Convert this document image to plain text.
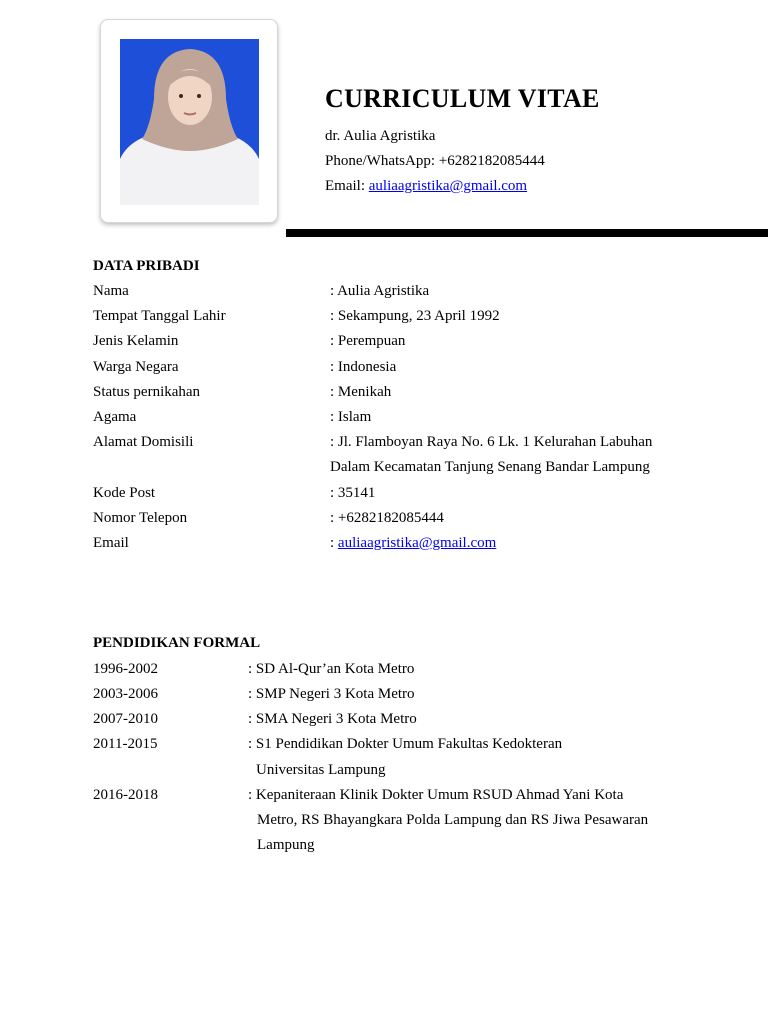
CURRICULUM VITAE
dr. Aulia Agristika
Phone/WhatsApp: +6282182085444
Email: auliaagristika@gmail.com
DATA PRIBADI
Nama	: Aulia Agristika
Tempat Tanggal Lahir	: Sekampung, 23 April 1992
Jenis Kelamin	: Perempuan
Warga Negara	: Indonesia
Status pernikahan	: Menikah
Agama	: Islam
Alamat Domisili	: Jl. Flamboyan Raya No. 6 Lk. 1 Kelurahan Labuhan
Dalam Kecamatan Tanjung Senang Bandar Lampung
Kode Post	: 35141
Nomor Telepon	: +6282182085444
Email	: auliaagristika@gmail.com
PENDIDIKAN FORMAL
1996-2002	: SD Al-Qur’an Kota Metro
2003-2006	: SMP Negeri 3 Kota Metro
2007-2010	: SMA Negeri 3 Kota Metro
2011-2015	: S1 Pendidikan Dokter Umum Fakultas Kedokteran
Universitas Lampung
2016-2018	: Kepaniteraan Klinik Dokter Umum RSUD Ahmad Yani Kota
Metro, RS Bhayangkara Polda Lampung dan RS Jiwa Pesawaran
Lampung
